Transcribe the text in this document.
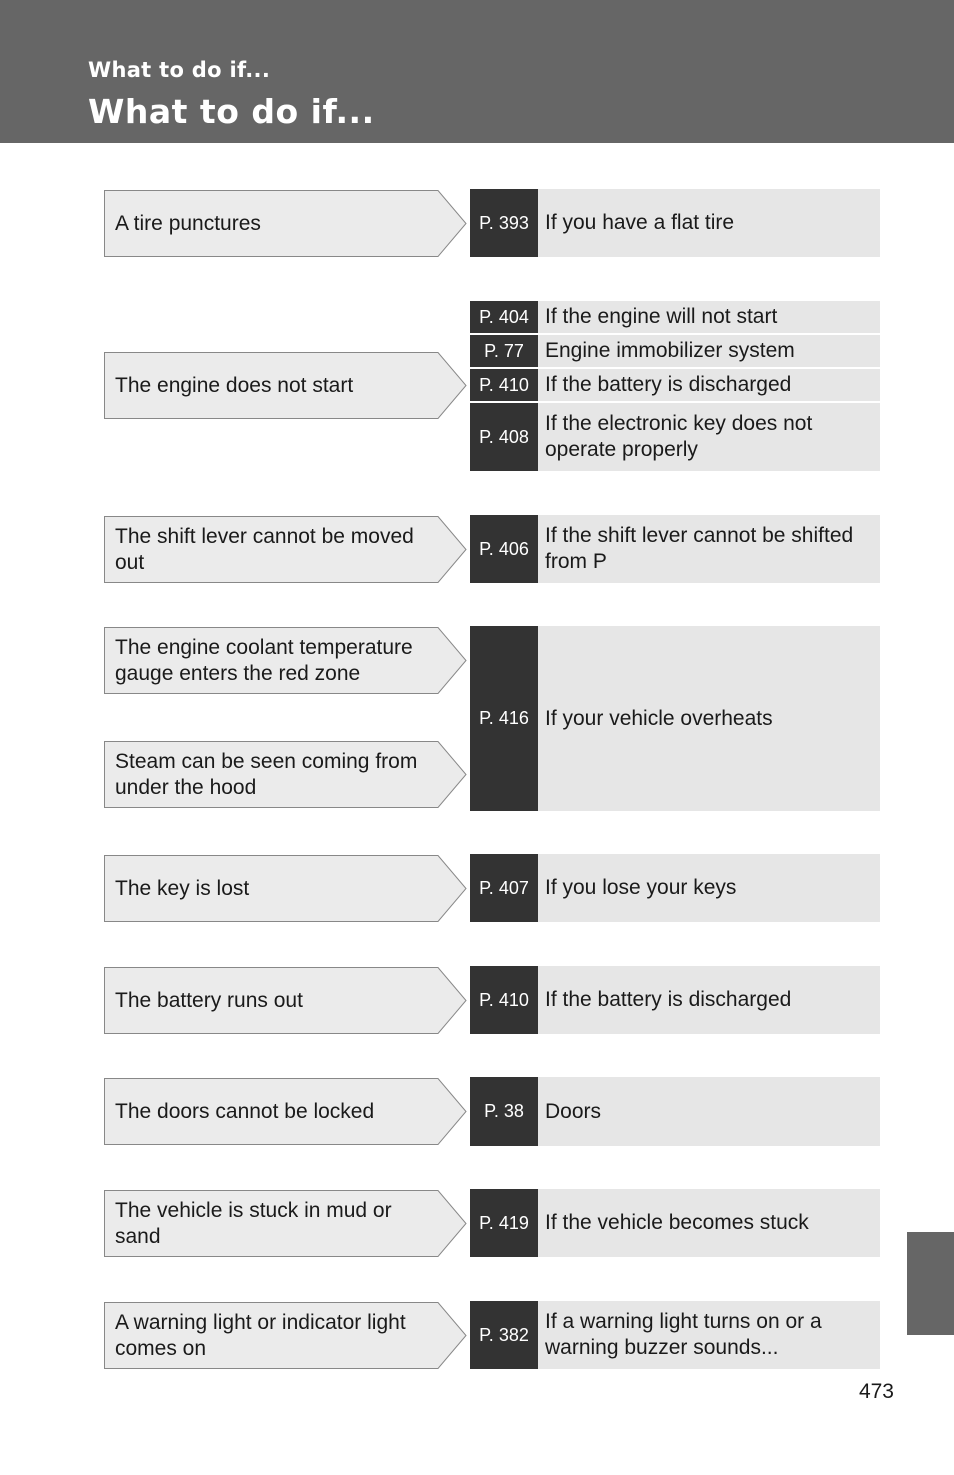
What to do if...
What to do if...
A tire punctures
The engine does not start
The shift lever cannot be moved out
The engine coolant temperature gauge enters the red zone
Steam can be seen coming from under the hood
The key is lost
The battery runs out
The doors cannot be locked
The vehicle is stuck in mud or sand
A warning light or indicator light comes on
P. 393 If you have a flat tire
P. 404 If the engine will not start
P. 77	Engine immobilizer system
P. 410 If the battery is discharged
P. 408
If the electronic key does not operate properly
P. 406
If the shift lever cannot be shifted from P
P. 416 If your vehicle overheats
P. 407 If you lose your keys
P. 410 If the battery is discharged
P. 38	Doors
P. 419 If the vehicle becomes stuck
P. 382
If a warning light turns on or a warning buzzer sounds...
473
